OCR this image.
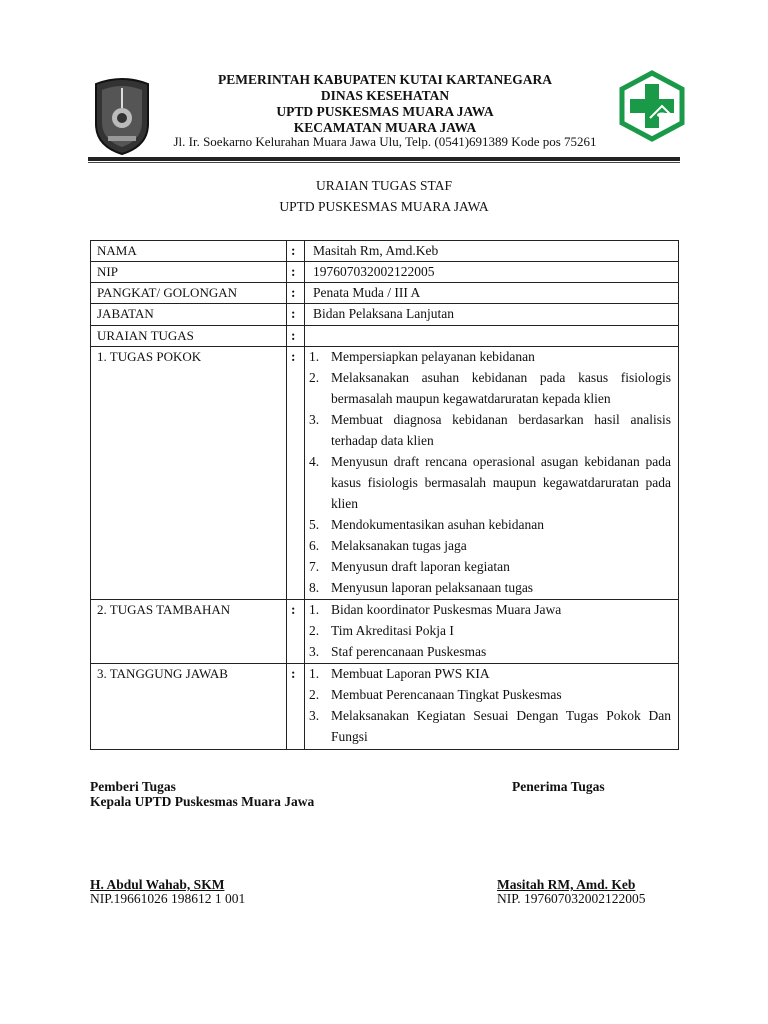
PEMERINTAH KABUPATEN KUTAI KARTANEGARA
DINAS KESEHATAN
UPTD PUSKESMAS MUARA JAWA
KECAMATAN MUARA JAWA
Jl. Ir. Soekarno Kelurahan Muara Jawa Ulu, Telp. (0541)691389 Kode pos 75261
URAIAN TUGAS STAF
UPTD PUSKESMAS MUARA JAWA
NAMA	: Masitah Rm, Amd.Keb
NIP	: 197607032002122005
PANGKAT/ GOLONGAN	: Penata Muda / III A
JABATAN	: Bidan Pelaksana Lanjutan
URAIAN TUGAS	:
1. TUGAS POKOK	: 1. Mempersiapkan pelayanan kebidanan
2. Melaksanakan asuhan kebidanan pada kasus fisiologis bermasalah maupun kegawatdaruratan kepada klien
3. Membuat diagnosa kebidanan berdasarkan hasil analisis terhadap data klien
4. Menyusun draft rencana operasional asugan kebidanan pada kasus fisiologis bermasalah maupun kegawatdaruratan pada klien
5. Mendokumentasikan asuhan kebidanan
6. Melaksanakan tugas jaga
7. Menyusun draft laporan kegiatan
8. Menyusun laporan pelaksanaan tugas
2. TUGAS TAMBAHAN	: 1. Bidan koordinator Puskesmas Muara Jawa
2. Tim Akreditasi Pokja I
3. Staf perencanaan Puskesmas
3. TANGGUNG JAWAB	: 1. Membuat Laporan PWS KIA
2. Membuat Perencanaan Tingkat Puskesmas
3. Melaksanakan Kegiatan Sesuai Dengan Tugas Pokok Dan Fungsi
Pemberi Tugas
Kepala UPTD Puskesmas Muara Jawa
Penerima Tugas
H. Abdul Wahab, SKM
NIP.19661026 198612 1 001
Masitah RM, Amd. Keb
NIP. 197607032002122005
